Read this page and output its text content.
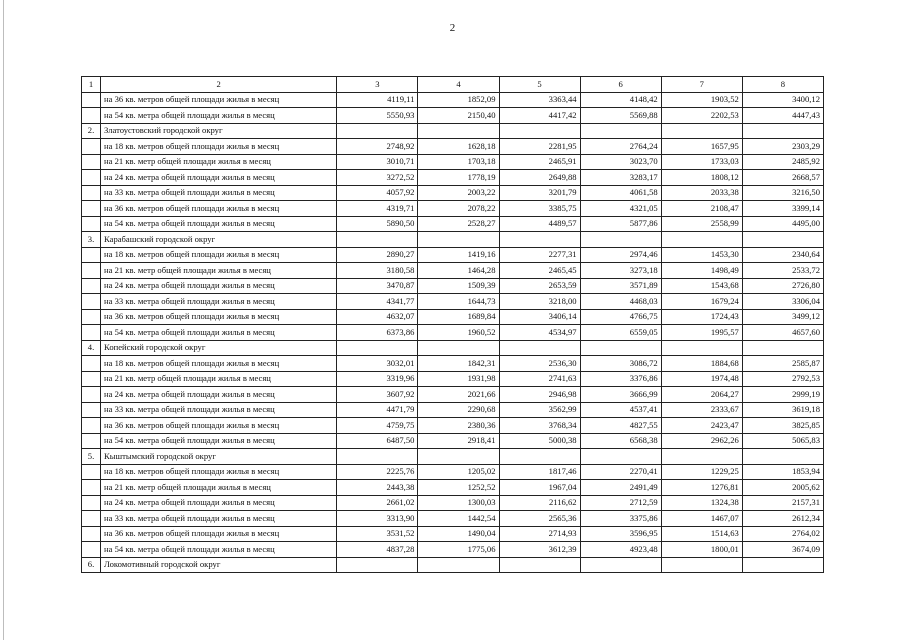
2
1	2	3	4	5	6	7	8
	на 36 кв. метров общей площади жилья в месяц	4119,11	1852,09	3363,44	4148,42	1903,52	3400,12
	на 54 кв. метра общей площади жилья в месяц	5550,93	2150,40	4417,42	5569,88	2202,53	4447,43
2.	Златоустовский городской округ						
	на 18 кв. метров общей площади жилья в месяц	2748,92	1628,18	2281,95	2764,24	1657,95	2303,29
	на 21 кв. метр общей площади жилья в месяц	3010,71	1703,18	2465,91	3023,70	1733,03	2485,92
	на 24 кв. метра общей площади жилья в месяц	3272,52	1778,19	2649,88	3283,17	1808,12	2668,57
	на 33 кв. метра общей площади жилья в месяц	4057,92	2003,22	3201,79	4061,58	2033,38	3216,50
	на 36 кв. метров общей площади жилья в месяц	4319,71	2078,22	3385,75	4321,05	2108,47	3399,14
	на 54 кв. метра общей площади жилья в месяц	5890,50	2528,27	4489,57	5877,86	2558,99	4495,00
3.	Карабашский городской округ						
	на 18 кв. метров общей площади жилья в месяц	2890,27	1419,16	2277,31	2974,46	1453,30	2340,64
	на 21 кв. метр общей площади жилья в месяц	3180,58	1464,28	2465,45	3273,18	1498,49	2533,72
	на 24 кв. метра общей площади жилья в месяц	3470,87	1509,39	2653,59	3571,89	1543,68	2726,80
	на 33 кв. метра общей площади жилья в месяц	4341,77	1644,73	3218,00	4468,03	1679,24	3306,04
	на 36 кв. метров общей площади жилья в месяц	4632,07	1689,84	3406,14	4766,75	1724,43	3499,12
	на 54 кв. метра общей площади жилья в месяц	6373,86	1960,52	4534,97	6559,05	1995,57	4657,60
4.	Копейский городской округ						
	на 18 кв. метров общей площади жилья в месяц	3032,01	1842,31	2536,30	3086,72	1884,68	2585,87
	на 21 кв. метр общей площади жилья в месяц	3319,96	1931,98	2741,63	3376,86	1974,48	2792,53
	на 24 кв. метра общей площади жилья в месяц	3607,92	2021,66	2946,98	3666,99	2064,27	2999,19
	на 33 кв. метра общей площади жилья в месяц	4471,79	2290,68	3562,99	4537,41	2333,67	3619,18
	на 36 кв. метров общей площади жилья в месяц	4759,75	2380,36	3768,34	4827,55	2423,47	3825,85
	на 54 кв. метра общей площади жилья в месяц	6487,50	2918,41	5000,38	6568,38	2962,26	5065,83
5.	Кыштымский городской округ						
	на 18 кв. метров общей площади жилья в месяц	2225,76	1205,02	1817,46	2270,41	1229,25	1853,94
	на 21 кв. метр общей площади жилья в месяц	2443,38	1252,52	1967,04	2491,49	1276,81	2005,62
	на 24 кв. метра общей площади жилья в месяц	2661,02	1300,03	2116,62	2712,59	1324,38	2157,31
	на 33 кв. метра общей площади жилья в месяц	3313,90	1442,54	2565,36	3375,86	1467,07	2612,34
	на 36 кв. метров общей площади жилья в месяц	3531,52	1490,04	2714,93	3596,95	1514,63	2764,02
	на 54 кв. метра общей площади жилья в месяц	4837,28	1775,06	3612,39	4923,48	1800,01	3674,09
6.	Локомотивный городской округ						
